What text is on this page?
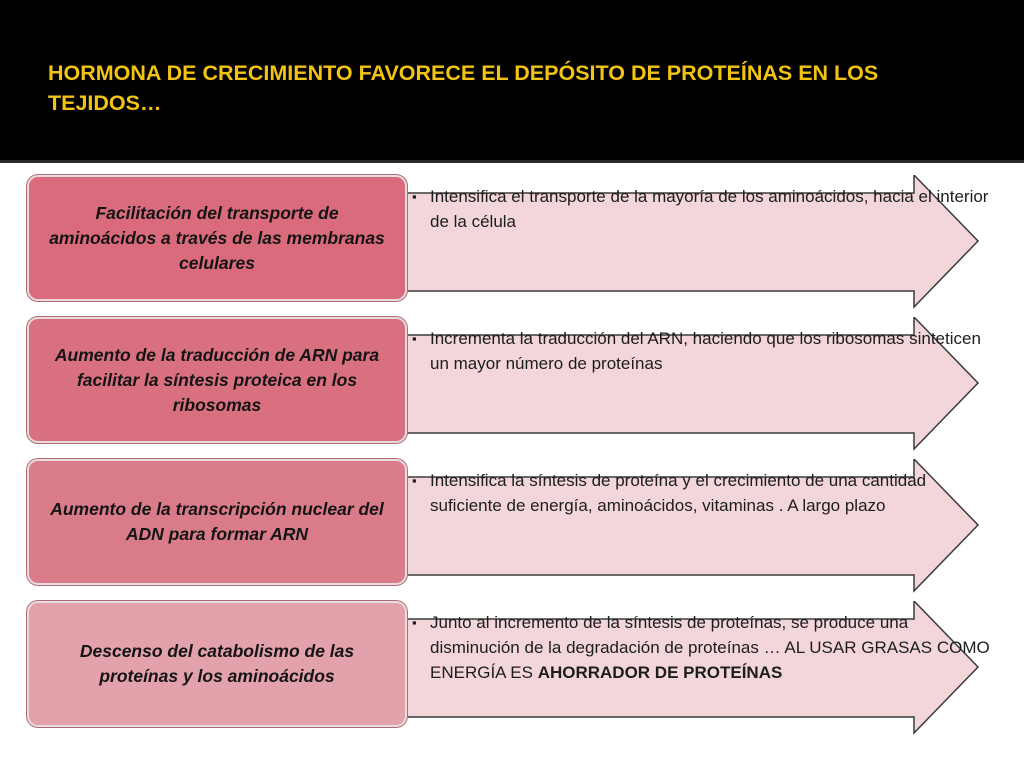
HORMONA DE CRECIMIENTO FAVORECE EL DEPÓSITO DE PROTEÍNAS EN LOS TEJIDOS…
▪ Intensifica el transporte de la mayoría de los aminoácidos, hacia el interior de la célula
Facilitación del transporte de aminoácidos a través de las membranas celulares
▪ Incrementa la traducción del ARN, haciendo que los ribosomas sinteticen un mayor número de proteínas
Aumento de la traducción de ARN para facilitar la síntesis proteica en los ribosomas
▪ Intensifica la síntesis de proteína y el crecimiento de una cantidad suficiente de energía, aminoácidos, vitaminas . A largo plazo
Aumento de la transcripción nuclear del ADN para formar ARN
▪ Junto al incremento de la síntesis de proteínas, se produce una disminución de la degradación de proteínas … AL USAR GRASAS COMO ENERGÍA ES AHORRADOR DE PROTEÍNAS
Descenso del catabolismo de las proteínas y los aminoácidos
